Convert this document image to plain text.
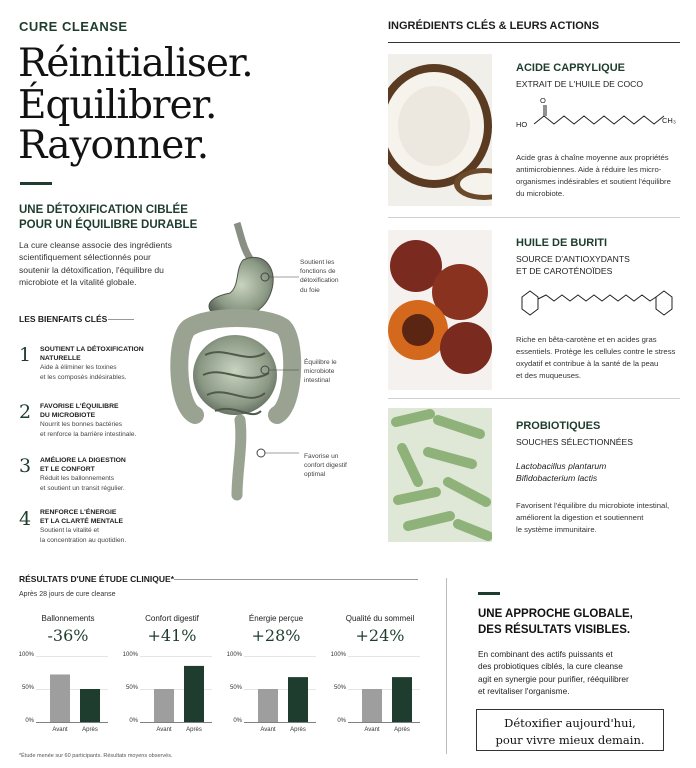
CURE CLEANSE
Réinitialiser.
Équilibrer.
Rayonner.
UNE DÉTOXIFICATION CIBLÉE
POUR UN ÉQUILIBRE DURABLE
La cure cleanse associe des ingrédients
scientifiquement sélectionnés pour
soutenir la détoxification, l'équilibre du
microbiote et la vitalité globale.
LES BIENFAITS CLÉS
1 SOUTIENT LA DÉTOXIFICATION
NATURELLE
Aide à éliminer les toxines
et les composés indésirables.
2 FAVORISE L'ÉQUILIBRE
DU MICROBIOTE
Nourrit les bonnes bactéries
et renforce la barrière intestinale.
3 AMÉLIORE LA DIGESTION
ET LE CONFORT
Réduit les ballonnements
et soutient un transit régulier.
4 RENFORCE L'ÉNERGIE
ET LA CLARTÉ MENTALE
Soutient la vitalité et
la concentration au quotidien.
Soutient les
fonctions de
détoxification
du foie
Équilibre le
microbiote
intestinal
Favorise un
confort digestif
optimal
INGRÉDIENTS CLÉS & LEURS ACTIONS
ACIDE CAPRYLIQUE
EXTRAIT DE L'HUILE DE COCO
HO
O
CH₃
Acide gras à chaîne moyenne aux propriétés
antimicrobiennes. Aide à réduire les micro-
organismes indésirables et soutient l'équilibre
du microbiote.
HUILE DE BURITI
SOURCE D'ANTIOXYDANTS
ET DE CAROTÉNOÏDES
Riche en bêta-carotène et en acides gras
essentiels. Protège les cellules contre le stress
oxydatif et contribue à la santé de la peau
et des muqueuses.
PROBIOTIQUES
SOUCHES SÉLECTIONNÉES
Lactobacillus plantarum
Bifidobacterium lactis
Favorisent l'équilibre du microbiote intestinal,
améliorent la digestion et soutiennent
le système immunitaire.
RÉSULTATS D'UNE ÉTUDE CLINIQUE*
Après 28 jours de cure cleanse
Ballonnements
-36%
100%
50%
0%
Avant	Après
Confort digestif
+41%
100%
50%
0%
Avant	Après
Énergie perçue
+28%
100%
50%
0%
Avant	Après
Qualité du sommeil
+24%
100%
50%
0%
Avant	Après
*Étude menée sur 60 participants. Résultats moyens observés.
UNE APPROCHE GLOBALE,
DES RÉSULTATS VISIBLES.
En combinant des actifs puissants et
des probiotiques ciblés, la cure cleanse
agit en synergie pour purifier, rééquilibrer
et revitaliser l'organisme.
Détoxifier aujourd'hui,
pour vivre mieux demain.
